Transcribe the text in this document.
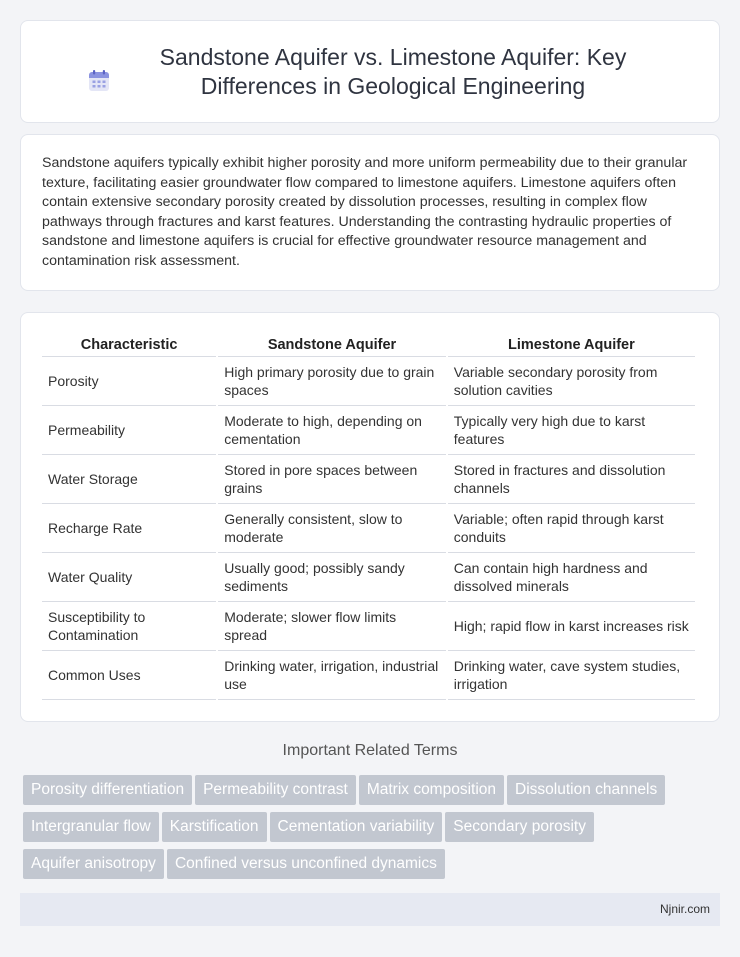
Sandstone Aquifer vs. Limestone Aquifer: Key Differences in Geological Engineering

Sandstone aquifers typically exhibit higher porosity and more uniform permeability due to their granular texture, facilitating easier groundwater flow compared to limestone aquifers. Limestone aquifers often contain extensive secondary porosity created by dissolution processes, resulting in complex flow pathways through fractures and karst features. Understanding the contrasting hydraulic properties of sandstone and limestone aquifers is crucial for effective groundwater resource management and contamination risk assessment.

Characteristic	Sandstone Aquifer	Limestone Aquifer
Porosity	High primary porosity due to grain spaces	Variable secondary porosity from solution cavities
Permeability	Moderate to high, depending on cementation	Typically very high due to karst features
Water Storage	Stored in pore spaces between grains	Stored in fractures and dissolution channels
Recharge Rate	Generally consistent, slow to moderate	Variable; often rapid through karst conduits
Water Quality	Usually good; possibly sandy sediments	Can contain high hardness and dissolved minerals
Susceptibility to Contamination	Moderate; slower flow limits spread	High; rapid flow in karst increases risk
Common Uses	Drinking water, irrigation, industrial use	Drinking water, cave system studies, irrigation
Important Related Terms
Porosity differentiation Permeability contrast Matrix composition Dissolution channels
Intergranular flow Karstification Cementation variability Secondary porosity
Aquifer anisotropy Confined versus unconfined dynamics
Njnir.com
